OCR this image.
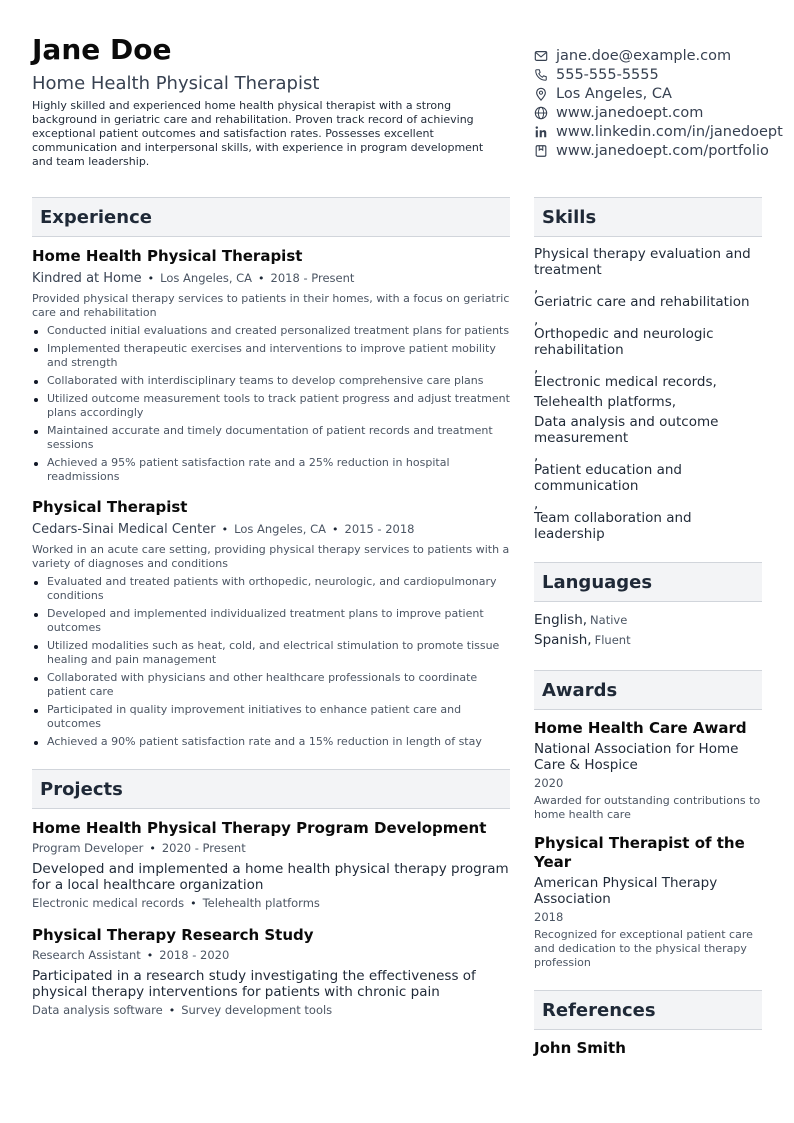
Jane Doe
Home Health Physical Therapist
Highly skilled and experienced home health physical therapist with a strong background in geriatric care and rehabilitation. Proven track record of achieving exceptional patient outcomes and satisfaction rates. Possesses excellent communication and interpersonal skills, with experience in program development and team leadership.
jane.doe@example.com
555-555-5555
Los Angeles, CA
www.janedoept.com
www.linkedin.com/in/janedoept
www.janedoept.com/portfolio
Experience
Home Health Physical Therapist
Kindred at Home • Los Angeles, CA • 2018 - Present
Provided physical therapy services to patients in their homes, with a focus on geriatric care and rehabilitation
Conducted initial evaluations and created personalized treatment plans for patients
Implemented therapeutic exercises and interventions to improve patient mobility and strength
Collaborated with interdisciplinary teams to develop comprehensive care plans
Utilized outcome measurement tools to track patient progress and adjust treatment plans accordingly
Maintained accurate and timely documentation of patient records and treatment sessions
Achieved a 95% patient satisfaction rate and a 25% reduction in hospital readmissions
Physical Therapist
Cedars-Sinai Medical Center • Los Angeles, CA • 2015 - 2018
Worked in an acute care setting, providing physical therapy services to patients with a variety of diagnoses and conditions
Evaluated and treated patients with orthopedic, neurologic, and cardiopulmonary conditions
Developed and implemented individualized treatment plans to improve patient outcomes
Utilized modalities such as heat, cold, and electrical stimulation to promote tissue healing and pain management
Collaborated with physicians and other healthcare professionals to coordinate patient care
Participated in quality improvement initiatives to enhance patient care and outcomes
Achieved a 90% patient satisfaction rate and a 15% reduction in length of stay
Projects
Home Health Physical Therapy Program Development
Program Developer • 2020 - Present
Developed and implemented a home health physical therapy program for a local healthcare organization
Electronic medical records • Telehealth platforms
Physical Therapy Research Study
Research Assistant • 2018 - 2020
Participated in a research study investigating the effectiveness of physical therapy interventions for patients with chronic pain
Data analysis software • Survey development tools
Skills
Physical therapy evaluation and treatment
,
Geriatric care and rehabilitation
,
Orthopedic and neurologic rehabilitation
,
Electronic medical records,
Telehealth platforms,
Data analysis and outcome measurement
,
Patient education and communication
,
Team collaboration and leadership
Languages
English, Native
Spanish, Fluent
Awards
Home Health Care Award
National Association for Home Care & Hospice
2020
Awarded for outstanding contributions to home health care
Physical Therapist of the Year
American Physical Therapy Association
2018
Recognized for exceptional patient care and dedication to the physical therapy profession
References
John Smith
